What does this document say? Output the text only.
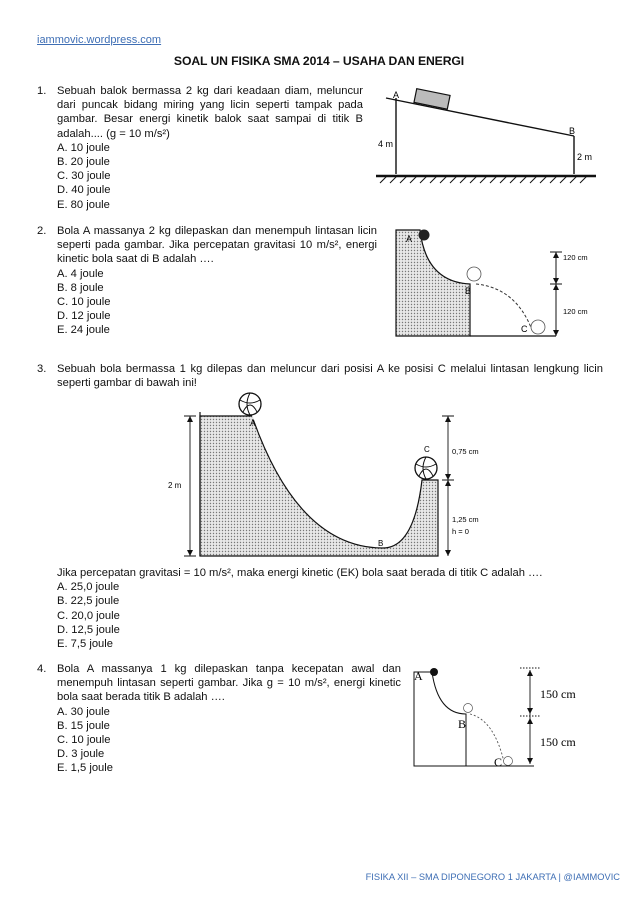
iammovic.wordpress.com
SOAL UN FISIKA SMA 2014 – USAHA DAN ENERGI
1. Sebuah balok bermassa 2 kg dari keadaan diam, meluncur dari puncak bidang miring yang licin seperti tampak pada gambar. Besar energi kinetik balok saat sampai di titik B adalah.... (g = 10 m/s²)
A. 10 joule
B. 20 joule
C. 30 joule
D. 40 joule
E. 80 joule
A
B
4 m
2 m
2. Bola A massanya 2 kg dilepaskan dan menempuh lintasan licin seperti pada gambar. Jika percepatan gravitasi 10 m/s², energi kinetic bola saat di B adalah ….
A. 4 joule
B. 8 joule
C. 10 joule
D. 12 joule
E. 24 joule
A
B
C
120 cm
120 cm
3. Sebuah bola bermassa 1 kg dilepas dan meluncur dari posisi A ke posisi C melalui lintasan lengkung licin seperti gambar di bawah ini!
A
B
C
2 m
0,75 cm
1,25 cm
h = 0
Jika percepatan gravitasi = 10 m/s², maka energi kinetic (EK) bola saat berada di titik C adalah ….
A. 25,0 joule
B. 22,5 joule
C. 20,0 joule
D. 12,5 joule
E. 7,5 joule
4. Bola A massanya 1 kg dilepaskan tanpa kecepatan awal dan menempuh lintasan seperti gambar. Jika g = 10 m/s², energi kinetic bola saat berada titik B adalah ….
A. 30 joule
B. 15 joule
C. 10 joule
D. 3 joule
E. 1,5 joule
A
B
C
150 cm
150 cm
FISIKA XII – SMA DIPONEGORO 1 JAKARTA | @IAMMOVIC
